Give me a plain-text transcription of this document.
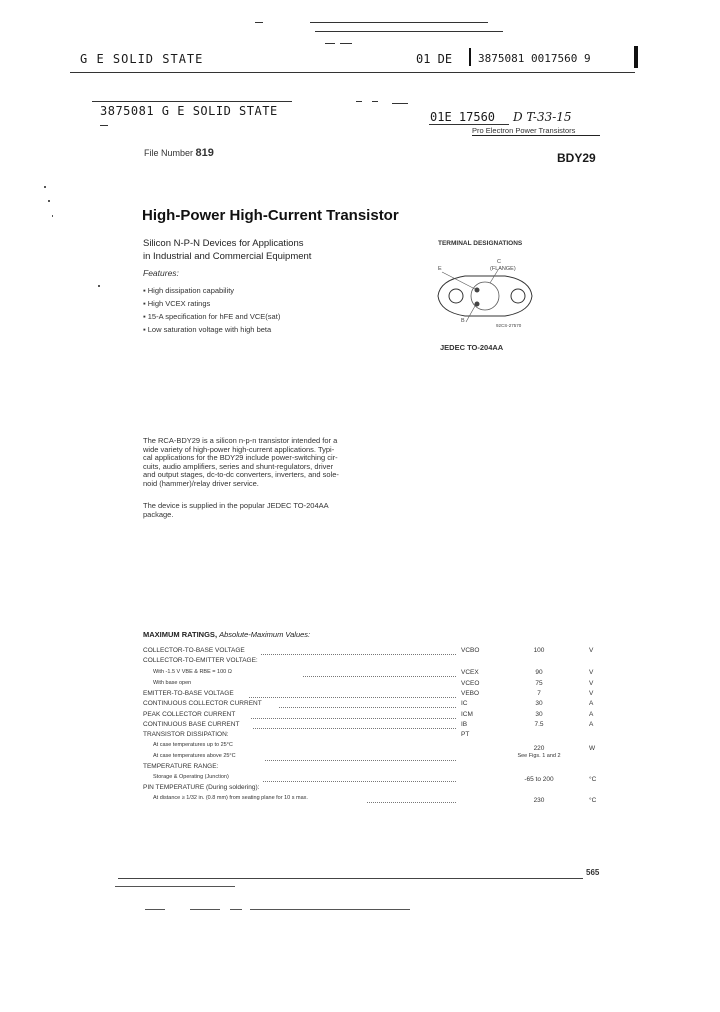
G E SOLID STATE	01 DE 3875081 0017560 9
3875081 G E SOLID STATE	01E 17560 D T-33-15
Pro Electron Power Transistors
File Number 819	BDY29
High-Power High-Current Transistor
Silicon N-P-N Devices for Applications
in Industrial and Commercial Equipment
Features:
▪ High dissipation capability
▪ High VCEX ratings
▪ 15-A specification for hFE and VCE(sat)
▪ Low saturation voltage with high beta
TERMINAL DESIGNATIONS
E
C
(FLANGE)
B
92CS-27570
JEDEC TO-204AA
The RCA-BDY29 is a silicon n-p-n transistor intended for a
wide variety of high-power high-current applications. Typi-
cal applications for the BDY29 include power-switching cir-
cuits, audio amplifiers, series and shunt-regulators, driver
and output stages, dc-to-dc converters, inverters, and sole-
noid (hammer)/relay driver service.
The device is supplied in the popular JEDEC TO-204AA
package.
MAXIMUM RATINGS, Absolute-Maximum Values:
COLLECTOR-TO-BASE VOLTAGE	VCBO	100	V
COLLECTOR-TO-EMITTER VOLTAGE:
With -1.5 V VBE & RBE = 100 Ω	VCEX	90	V
With base open	VCEO	75	V
EMITTER-TO-BASE VOLTAGE	VEBO	7	V
CONTINUOUS COLLECTOR CURRENT	IC	30	A
PEAK COLLECTOR CURRENT	ICM	30	A
CONTINUOUS BASE CURRENT	IB	7.5	A
TRANSISTOR DISSIPATION:	PT
At case temperatures up to 25°C	220	W
At case temperatures above 25°C	See Figs. 1 and 2
TEMPERATURE RANGE:
Storage & Operating (Junction)	-65 to 200	°C
PIN TEMPERATURE (During soldering):
At distance ≥ 1/32 in. (0.8 mm) from seating plane for 10 s max.	230	°C
565
